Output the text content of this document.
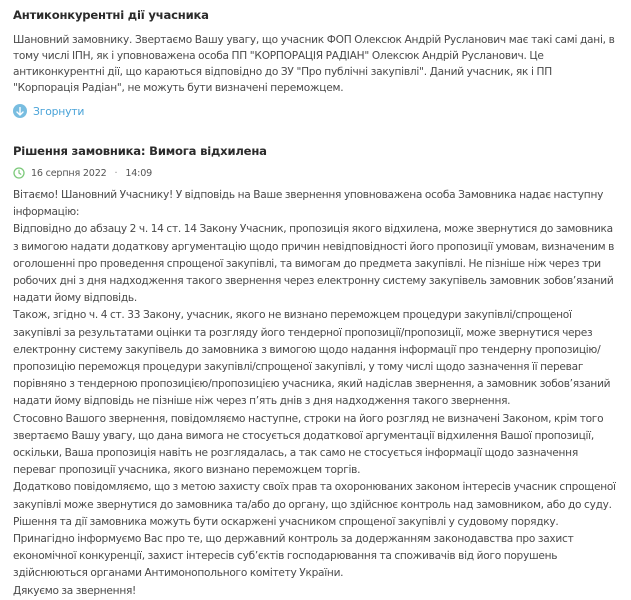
Антиконкурентні дії учасника
Шановний замовнику. Звертаємо Вашу увагу, що учасник ФОП Олексюк Андрій Русланович має такі самі дані, в тому числі ІПН, як і уповноважена особа ПП "КОРПОРАЦІЯ РАДІАН" Олексюк Андрій Русланович. Це антиконкурентні дії, що караються відповідно до ЗУ "Про публічні закупівлі". Даний учасник, як і ПП "Корпорація Радіан", не можуть бути визначені переможцем.
Згорнути
Рішення замовника: Вимога відхилена
16 серпня 2022 · 14:09
Вітаємо! Шановний Учаснику! У відповідь на Ваше звернення уповноважена особа Замовника надає наступну інформацію:
Відповідно до абзацу 2 ч. 14 ст. 14 Закону Учасник, пропозиція якого відхилена, може звернутися до замовника з вимогою надати додаткову аргументацію щодо причин невідповідності його пропозиції умовам, визначеним в оголошенні про проведення спрощеної закупівлі, та вимогам до предмета закупівлі. Не пізніше ніж через три робочих дні з дня надходження такого звернення через електронну систему закупівель замовник зобов’язаний надати йому відповідь.
Також, згідно ч. 4 ст. 33 Закону, учасник, якого не визнано переможцем процедури закупівлі/спрощеної закупівлі за результатами оцінки та розгляду його тендерної пропозиції/пропозиції, може звернутися через електронну систему закупівель до замовника з вимогою щодо надання інформації про тендерну пропозицію/пропозицію переможця процедури закупівлі/спрощеної закупівлі, у тому числі щодо зазначення її переваг порівняно з тендерною пропозицією/пропозицією учасника, який надіслав звернення, а замовник зобов’язаний надати йому відповідь не пізніше ніж через п’ять днів з дня надходження такого звернення.
Стосовно Вашого звернення, повідомляємо наступне, строки на його розгляд не визначені Законом, крім того звертаємо Вашу увагу, що дана вимога не стосується додаткової аргументації відхилення Вашої пропозиції, оскільки, Ваша пропозиція навіть не розглядалась, а так само не стосується інформації щодо зазначення переваг пропозиції учасника, якого визнано переможцем торгів.
Додатково повідомляємо, що з метою захисту своїх прав та охоронюваних законом інтересів учасник спрощеної закупівлі може звернутися до замовника та/або до органу, що здійснює контроль над замовником, або до суду.
Рішення та дії замовника можуть бути оскаржені учасником спрощеної закупівлі у судовому порядку.
Принагідно інформуємо Вас про те, що державний контроль за додержанням законодавства про захист економічної конкуренції, захист інтересів суб’єктів господарювання та споживачів від його порушень здійснюються органами Антимонопольного комітету України.
Дякуємо за звернення!
